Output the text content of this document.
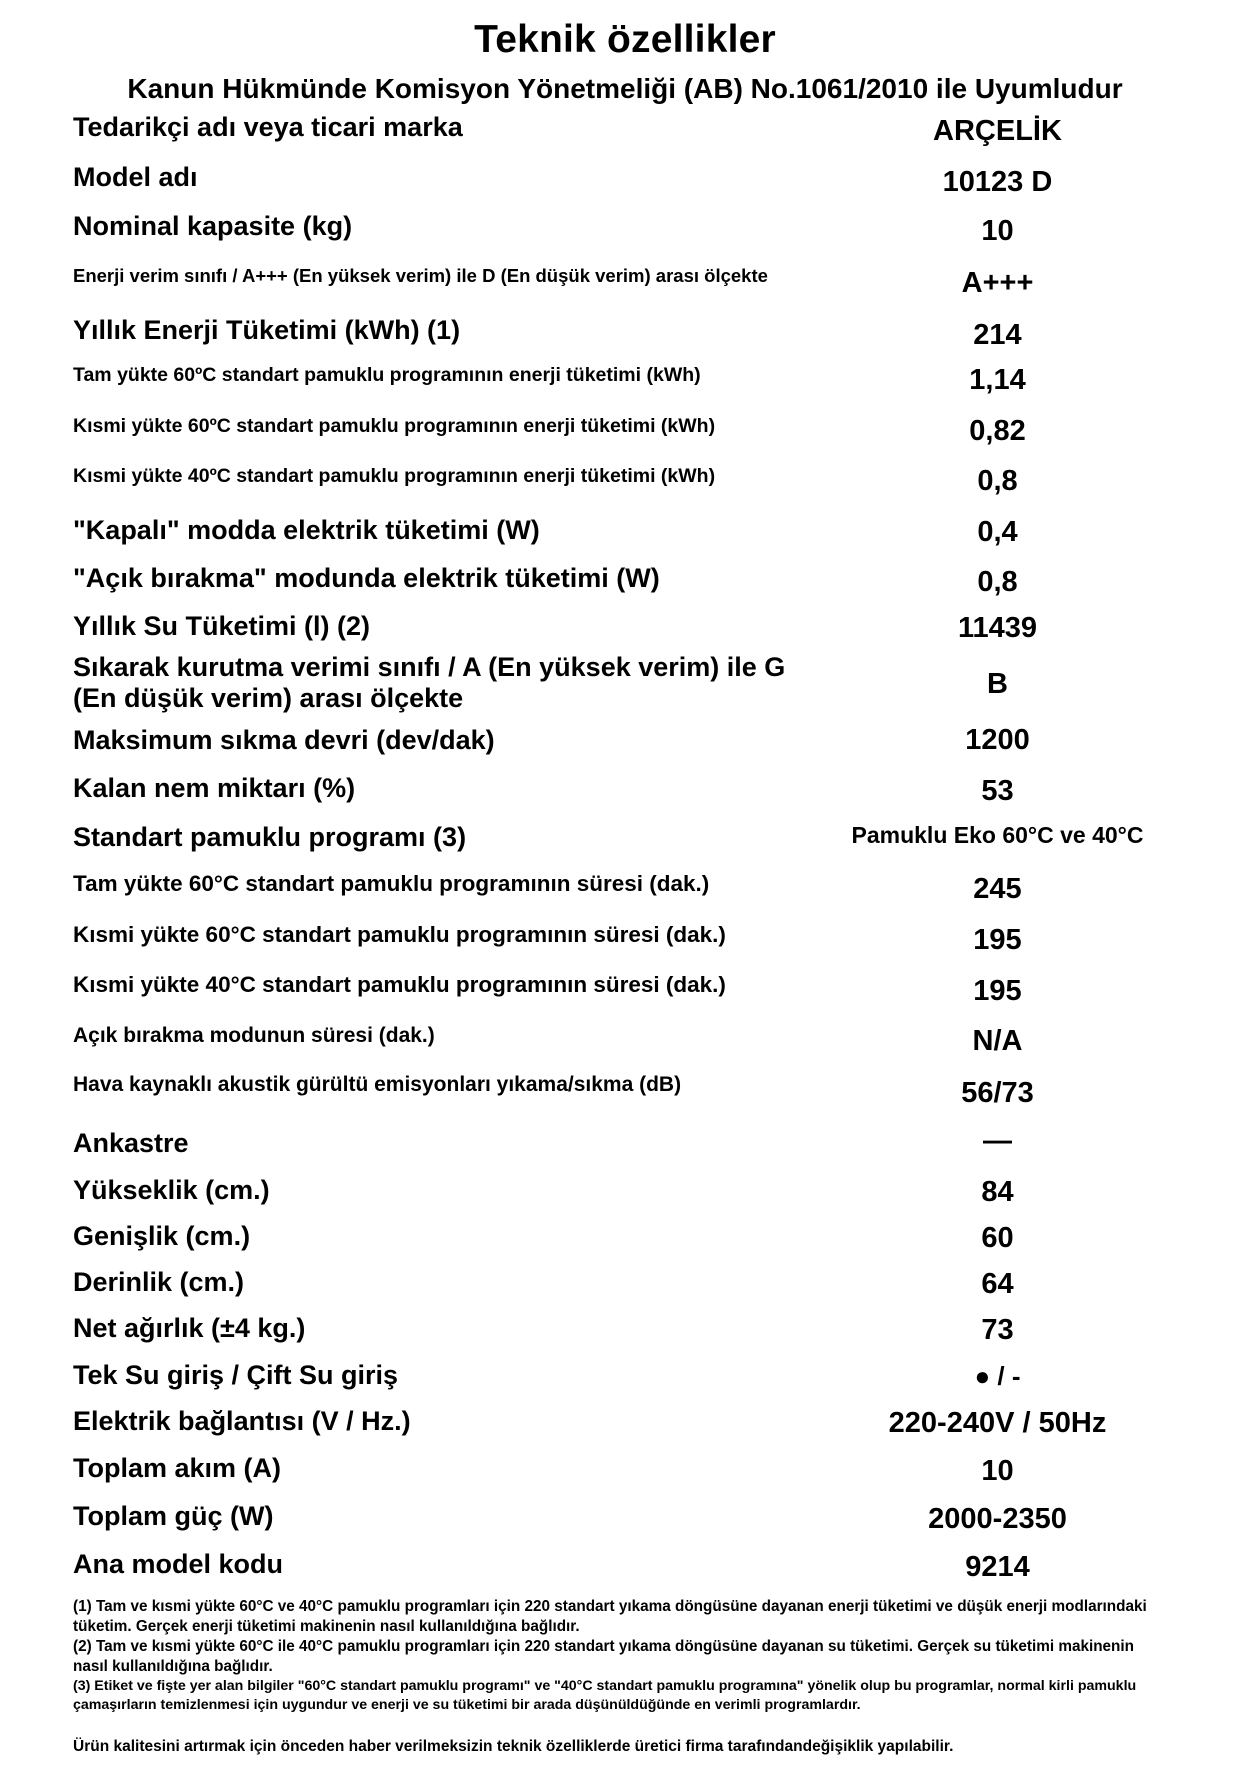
Teknik özellikler
Kanun Hükmünde Komisyon Yönetmeliği (AB) No.1061/2010 ile Uyumludur
Tedarikçi adı veya ticari marka	ARÇELİK
Model adı	10123 D
Nominal kapasite (kg)	10
Enerji verim sınıfı / A+++ (En yüksek verim) ile D (En düşük verim) arası ölçekte	A+++
Yıllık Enerji Tüketimi (kWh) (1)	214
Tam yükte 60ºC standart pamuklu programının enerji tüketimi (kWh)	1,14
Kısmi yükte 60ºC standart pamuklu programının enerji tüketimi (kWh)	0,82
Kısmi yükte 40ºC standart pamuklu programının enerji tüketimi (kWh)	0,8
"Kapalı" modda elektrik tüketimi (W)	0,4
"Açık bırakma" modunda elektrik tüketimi (W)	0,8
Yıllık Su Tüketimi (l) (2)	11439
Sıkarak kurutma verimi sınıfı / A (En yüksek verim) ile G (En düşük verim) arası ölçekte	B
Maksimum sıkma devri (dev/dak)	1200
Kalan nem miktarı (%)	53
Standart pamuklu programı (3)	Pamuklu Eko 60°C ve 40°C
Tam yükte 60°C standart pamuklu programının süresi (dak.)	245
Kısmi yükte 60°C standart pamuklu programının süresi (dak.)	195
Kısmi yükte 40°C standart pamuklu programının süresi (dak.)	195
Açık bırakma modunun süresi (dak.)	N/A
Hava kaynaklı akustik gürültü emisyonları yıkama/sıkma (dB)	56/73
Ankastre	—
Yükseklik (cm.)	84
Genişlik (cm.)	60
Derinlik (cm.)	64
Net ağırlık (±4 kg.)	73
Tek Su giriş / Çift Su giriş	● / -
Elektrik bağlantısı (V / Hz.)	220-240V / 50Hz
Toplam akım (A)	10
Toplam güç (W)	2000-2350
Ana model kodu	9214

(1) Tam ve kısmi yükte 60°C ve 40°C pamuklu programları için 220 standart yıkama döngüsüne dayanan enerji tüketimi ve düşük enerji modlarındaki tüketim. Gerçek enerji tüketimi makinenin nasıl kullanıldığına bağlıdır.

(2) Tam ve kısmi yükte 60°C ile 40°C pamuklu programları için 220 standart yıkama döngüsüne dayanan su tüketimi. Gerçek su tüketimi makinenin nasıl kullanıldığına bağlıdır.

(3) Etiket ve fişte yer alan bilgiler "60°C standart pamuklu programı" ve "40°C standart pamuklu programına" yönelik olup bu programlar, normal kirli pamuklu çamaşırların temizlenmesi için uygundur ve enerji ve su tüketimi bir arada düşünüldüğünde en verimli programlardır.

Ürün kalitesini artırmak için önceden haber verilmeksizin teknik özelliklerde üretici firma tarafındandeğişiklik yapılabilir.
